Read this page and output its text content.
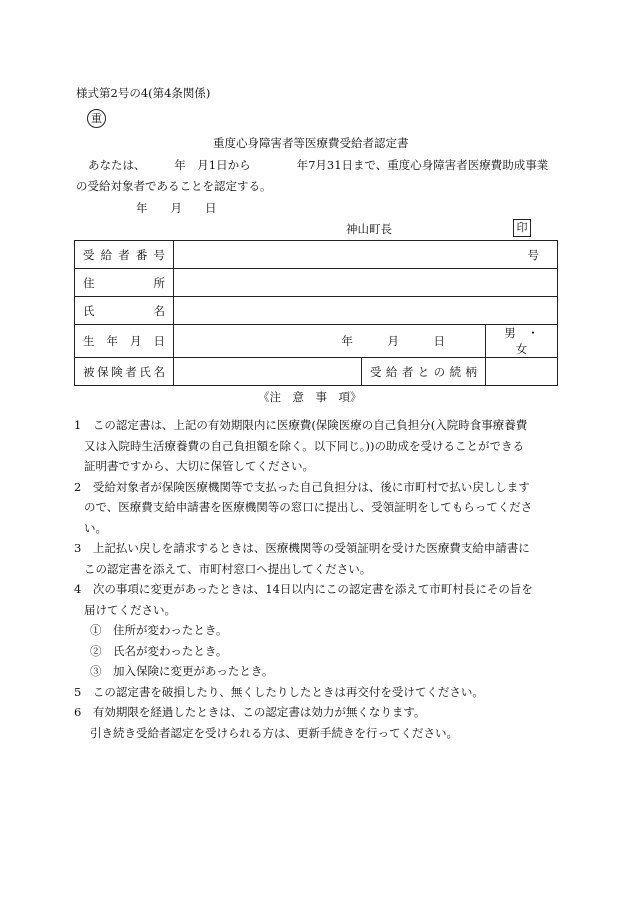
様式第2号の4(第4条関係)
重
重度心身障害者等医療費受給者認定書
あなたは、　　　年　月1日から　　　　年7月31日まで、重度心身障害者医療費助成事業
の受給対象者であることを認定する。
年　　月　　日
神山町長	印
受給者番号	号		

住 所			

氏 名			

生年月日	年　　　月　　　日		男　・　女
被保険者氏名		受給者との続柄	
《注　意　事　項》
1　この認定書は、上記の有効期限内に医療費(保険医療の自己負担分(入院時食事療養費
又は入院時生活療養費の自己負担額を除く。以下同じ。))の助成を受けることができる
証明書ですから、大切に保管してください。
2　受給対象者が保険医療機関等で支払った自己負担分は、後に市町村で払い戻しします
ので、医療費支給申請書を医療機関等の窓口に提出し、受領証明をしてもらってくださ
い。
3　上記払い戻しを請求するときは、医療機関等の受領証明を受けた医療費支給申請書に
この認定書を添えて、市町村窓口へ提出してください。
4　次の事項に変更があったときは、14日以内にこの認定書を添えて市町村長にその旨を
届けてください。
①　住所が変わったとき。
②　氏名が変わったとき。
③　加入保険に変更があったとき。
5　この認定書を破損したり、無くしたりしたときは再交付を受けてください。
6　有効期限を経過したときは、この認定書は効力が無くなります。
引き続き受給者認定を受けられる方は、更新手続きを行ってください。
